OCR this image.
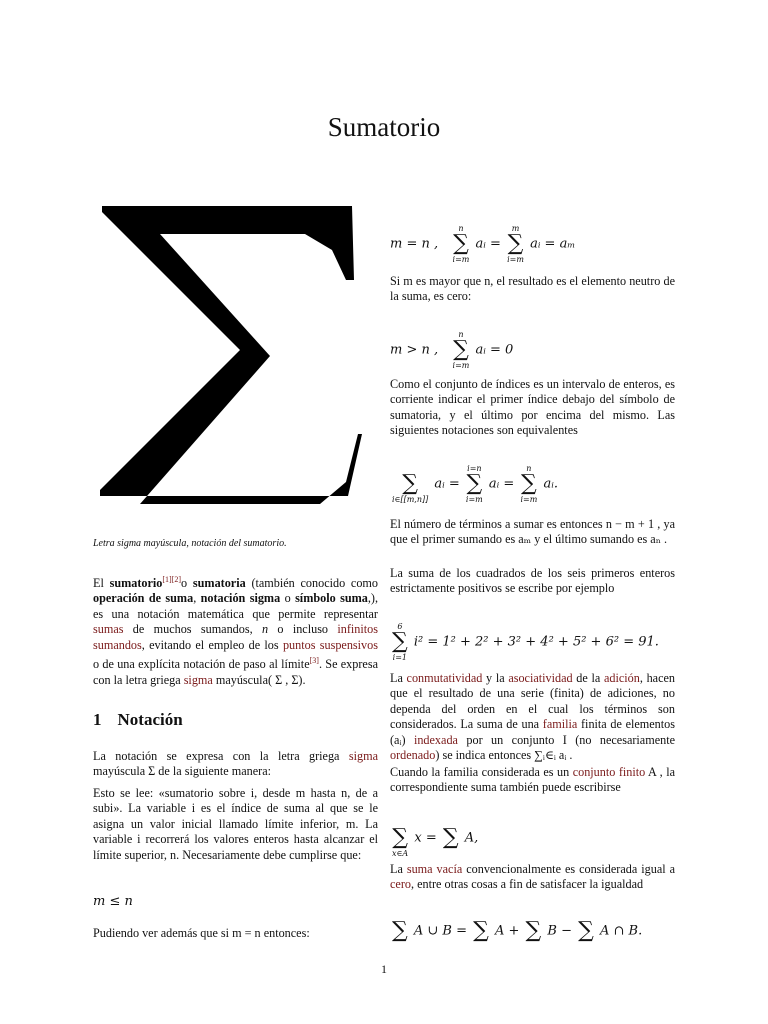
Sumatorio
Letra sigma mayúscula, notación del sumatorio.

El sumatorio[1][2]o sumatoria (también conocido como operación de suma, notación sigma o símbolo suma,), es una notación matemática que permite representar sumas de muchos sumandos, n o incluso infinitos sumandos, evitando el empleo de los puntos suspensivos o de una explícita notación de paso al límite[3]. Se expresa con la letra griega sigma mayúscula( Σ , Σ).

1 Notación

La notación se expresa con la letra griega sigma mayúscula Σ de la siguiente manera:

Esto se lee: «sumatorio sobre i, desde m hasta n, de a subi». La variable i es el índice de suma al que se le asigna un valor inicial llamado límite inferior, m. La variable i recorrerá los valores enteros hasta alcanzar el límite superior, n. Necesariamente debe cumplirse que:

m ≤ n

Pudiendo ver además que si m = n entonces:

m = n ,
n
∑
i=m
aᵢ =
m
∑
i=m
aᵢ = aₘ

Si m es mayor que n, el resultado es el elemento neutro de la suma, es cero:

m > n ,
n
∑
i=m
aᵢ = 0

Como el conjunto de índices es un intervalo de enteros, es corriente indicar el primer índice debajo del símbolo de sumatoria, y el último por encima del mismo. Las siguientes notaciones son equivalentes

∑
i∈[[m,n]]
aᵢ =
i=n
∑
i=m
aᵢ =
n
∑
i=m
aᵢ.

El número de términos a sumar es entonces n − m + 1 , ya que el primer sumando es aₘ y el último sumando es aₙ .

La suma de los cuadrados de los seis primeros enteros estrictamente positivos se escribe por ejemplo

6
∑
i=1
i² = 1² + 2² + 3² + 4² + 5² + 6² = 91.

La conmutatividad y la asociatividad de la adición, hacen que el resultado de una serie (finita) de adiciones, no dependa del orden en el cual los términos son considerados. La suma de una familia finita de elementos (aᵢ) indexada por un conjunto I (no necesariamente ordenado) se indica entonces ∑ᵢ∈ᵢ aᵢ .

Cuando la familia considerada es un conjunto finito A , la correspondiente suma también puede escribirse

∑
x∈A
x = ∑ A,

La suma vacía convencionalmente es considerada igual a cero, entre otras cosas a fin de satisfacer la igualdad

∑ A ∪ B = ∑ A + ∑ B − ∑ A ∩ B.
1
